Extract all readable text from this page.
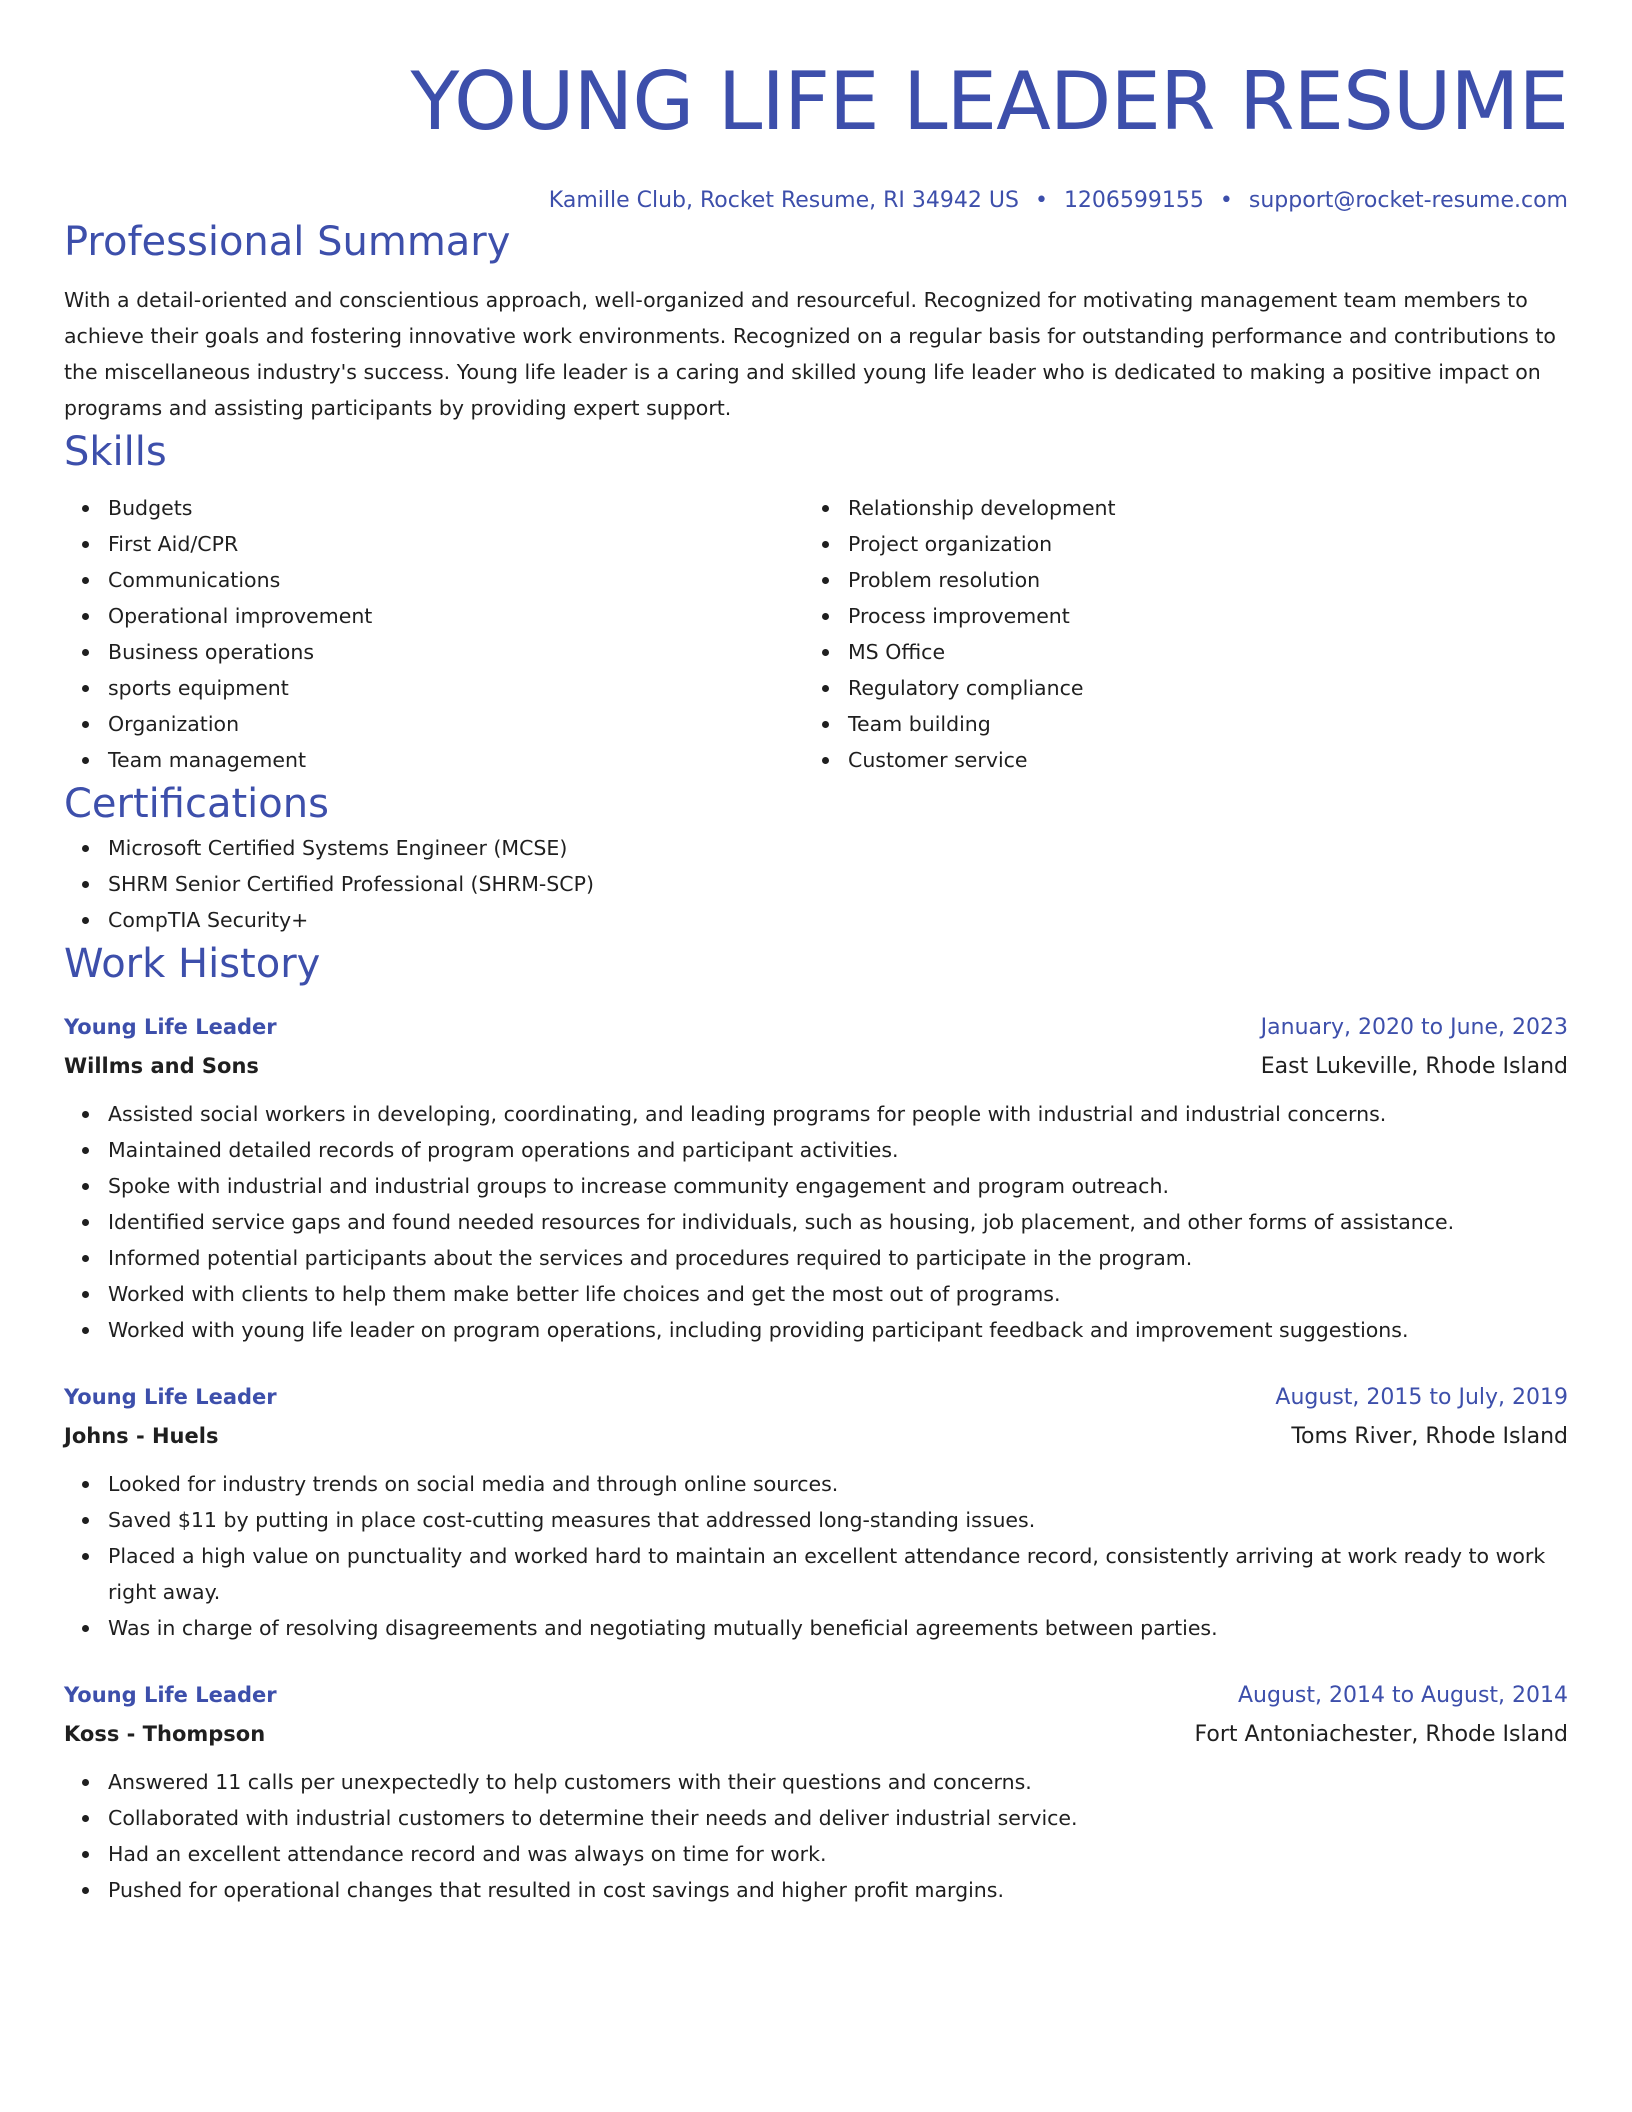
YOUNG LIFE LEADER RESUME
Kamille Club, Rocket Resume, RI 34942 US • 1206599155 • support@rocket-resume.com
Professional Summary
With a detail-oriented and conscientious approach, well-organized and resourceful. Recognized for motivating management team members to achieve their goals and fostering innovative work environments. Recognized on a regular basis for outstanding performance and contributions to the miscellaneous industry's success. Young life leader is a caring and skilled young life leader who is dedicated to making a positive impact on programs and assisting participants by providing expert support.
Skills
Budgets
First Aid/CPR
Communications
Operational improvement
Business operations
sports equipment
Organization
Team management
Relationship development
Project organization
Problem resolution
Process improvement
MS Office
Regulatory compliance
Team building
Customer service
Certifications
Microsoft Certified Systems Engineer (MCSE)
SHRM Senior Certified Professional (SHRM-SCP)
CompTIA Security+
Work History
Young Life Leader	January, 2020 to June, 2023
Willms and Sons	East Lukeville, Rhode Island
Assisted social workers in developing, coordinating, and leading programs for people with industrial and industrial concerns.
Maintained detailed records of program operations and participant activities.
Spoke with industrial and industrial groups to increase community engagement and program outreach.
Identified service gaps and found needed resources for individuals, such as housing, job placement, and other forms of assistance.
Informed potential participants about the services and procedures required to participate in the program.
Worked with clients to help them make better life choices and get the most out of programs.
Worked with young life leader on program operations, including providing participant feedback and improvement suggestions.
Young Life Leader	August, 2015 to July, 2019
Johns - Huels	Toms River, Rhode Island
Looked for industry trends on social media and through online sources.
Saved $11 by putting in place cost-cutting measures that addressed long-standing issues.
Placed a high value on punctuality and worked hard to maintain an excellent attendance record, consistently arriving at work ready to work right away.
Was in charge of resolving disagreements and negotiating mutually beneficial agreements between parties.
Young Life Leader	August, 2014 to August, 2014
Koss - Thompson	Fort Antoniachester, Rhode Island
Answered 11 calls per unexpectedly to help customers with their questions and concerns.
Collaborated with industrial customers to determine their needs and deliver industrial service.
Had an excellent attendance record and was always on time for work.
Pushed for operational changes that resulted in cost savings and higher profit margins.
